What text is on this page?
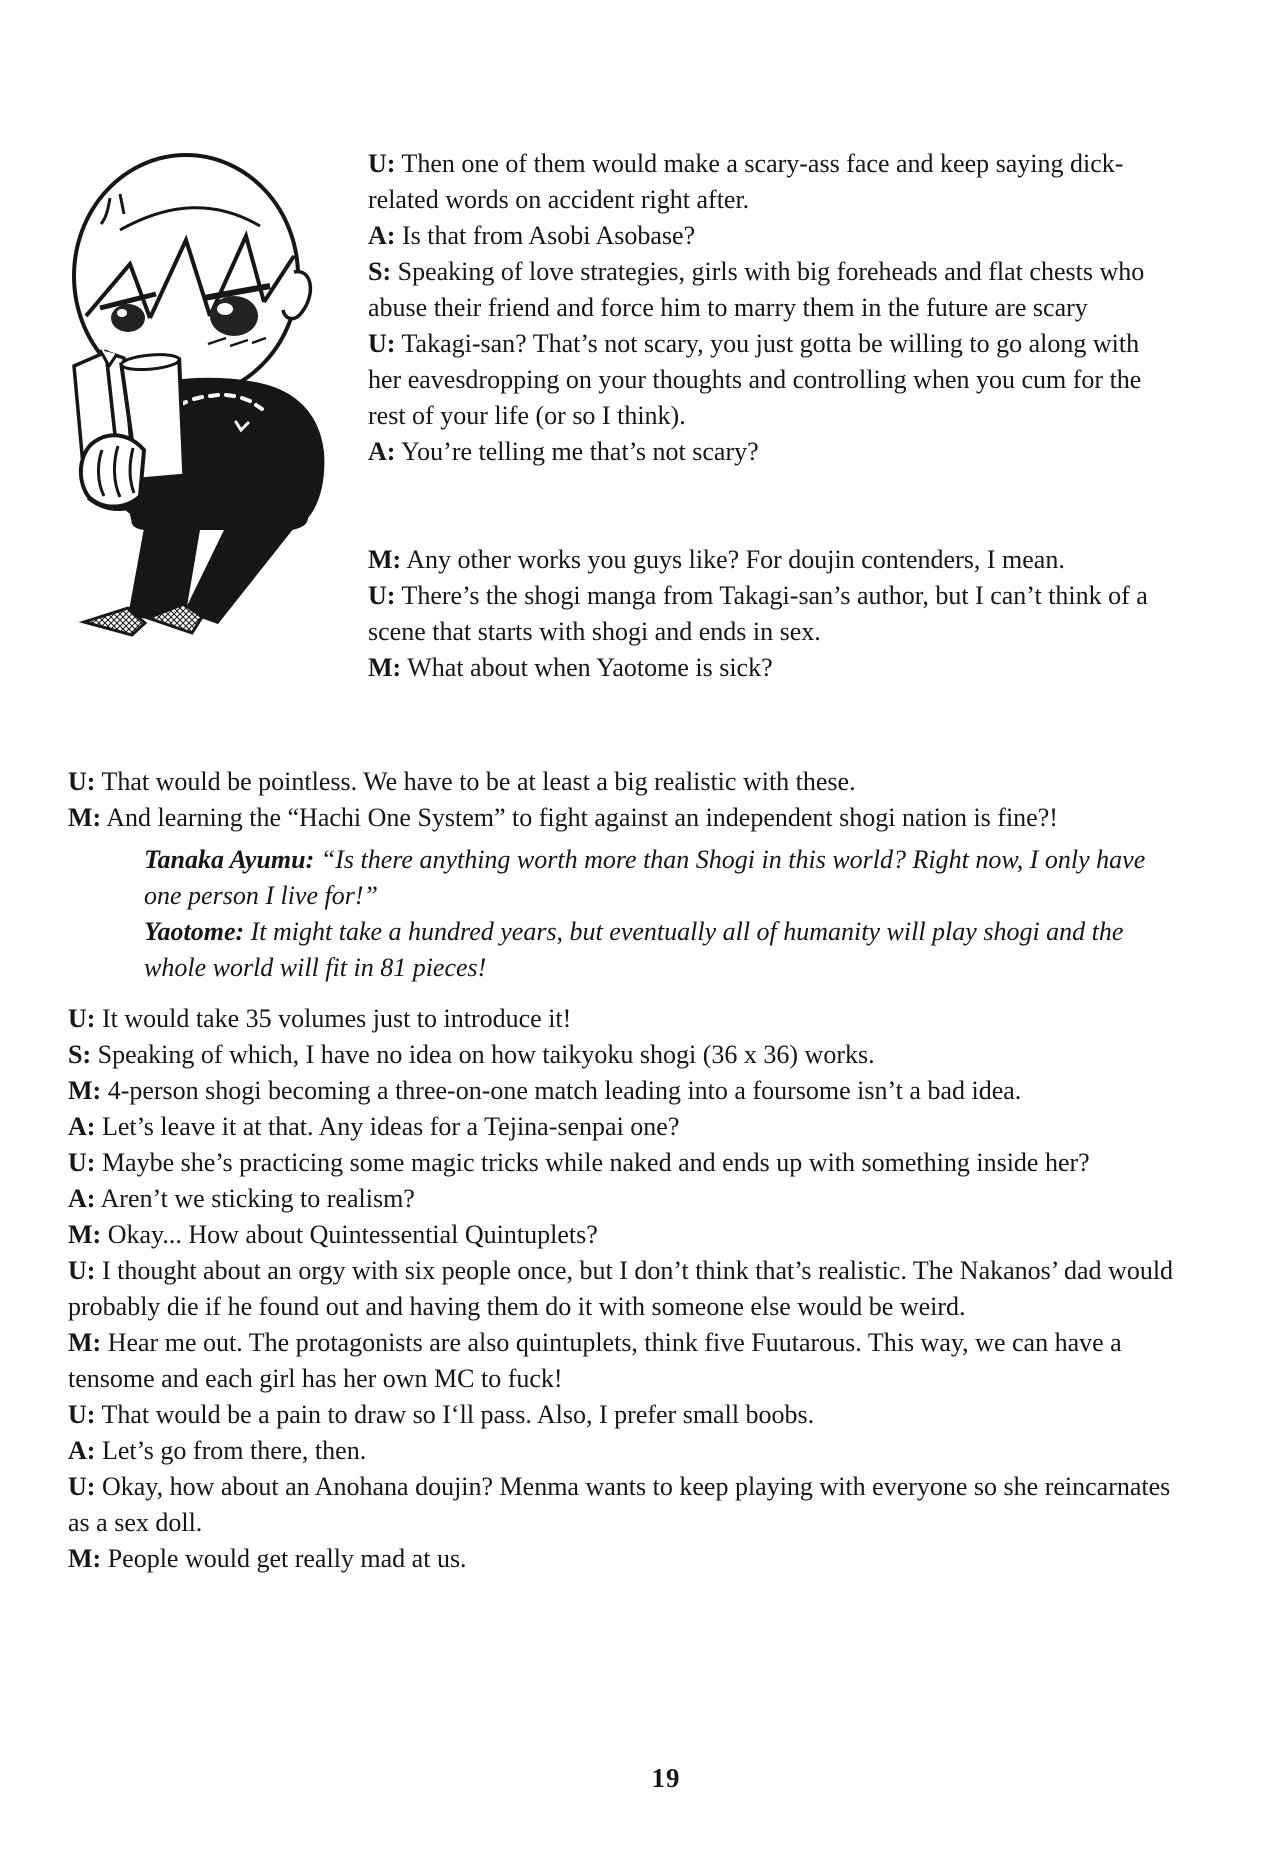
U: Then one of them would make a scary-ass face and keep saying dick-related words on accident right after.

A: Is that from Asobi Asobase?

S: Speaking of love strategies, girls with big foreheads and flat chests who abuse their friend and force him to marry them in the future are scary

U: Takagi-san? That’s not scary, you just gotta be willing to go along with her eavesdropping on your thoughts and controlling when you cum for the rest of your life (or so I think).

A: You’re telling me that’s not scary?

M: Any other works you guys like? For doujin contenders, I mean.

U: There’s the shogi manga from Takagi-san’s author, but I can’t think of a scene that starts with shogi and ends in sex.

M: What about when Yaotome is sick?

U: That would be pointless. We have to be at least a big realistic with these.

M: And learning the “Hachi One System” to fight against an independent shogi nation is fine?!

Tanaka Ayumu: “Is there anything worth more than Shogi in this world? Right now, I only have one person I live for!”

Yaotome: It might take a hundred years, but eventually all of humanity will play shogi and the whole world will fit in 81 pieces!

U: It would take 35 volumes just to introduce it!

S: Speaking of which, I have no idea on how taikyoku shogi (36 x 36) works.

M: 4-person shogi becoming a three-on-one match leading into a foursome isn’t a bad idea.

A: Let’s leave it at that. Any ideas for a Tejina-senpai one?

U: Maybe she’s practicing some magic tricks while naked and ends up with something inside her?

A: Aren’t we sticking to realism?

M: Okay... How about Quintessential Quintuplets?

U: I thought about an orgy with six people once, but I don’t think that’s realistic. The Nakanos’ dad would probably die if he found out and having them do it with someone else would be weird.

M: Hear me out. The protagonists are also quintuplets, think five Fuutarous. This way, we can have a tensome and each girl has her own MC to fuck!

U: That would be a pain to draw so I‘ll pass. Also, I prefer small boobs.

A: Let’s go from there, then.

U: Okay, how about an Anohana doujin? Menma wants to keep playing with everyone so she reincarnates as a sex doll.

M: People would get really mad at us.

19
